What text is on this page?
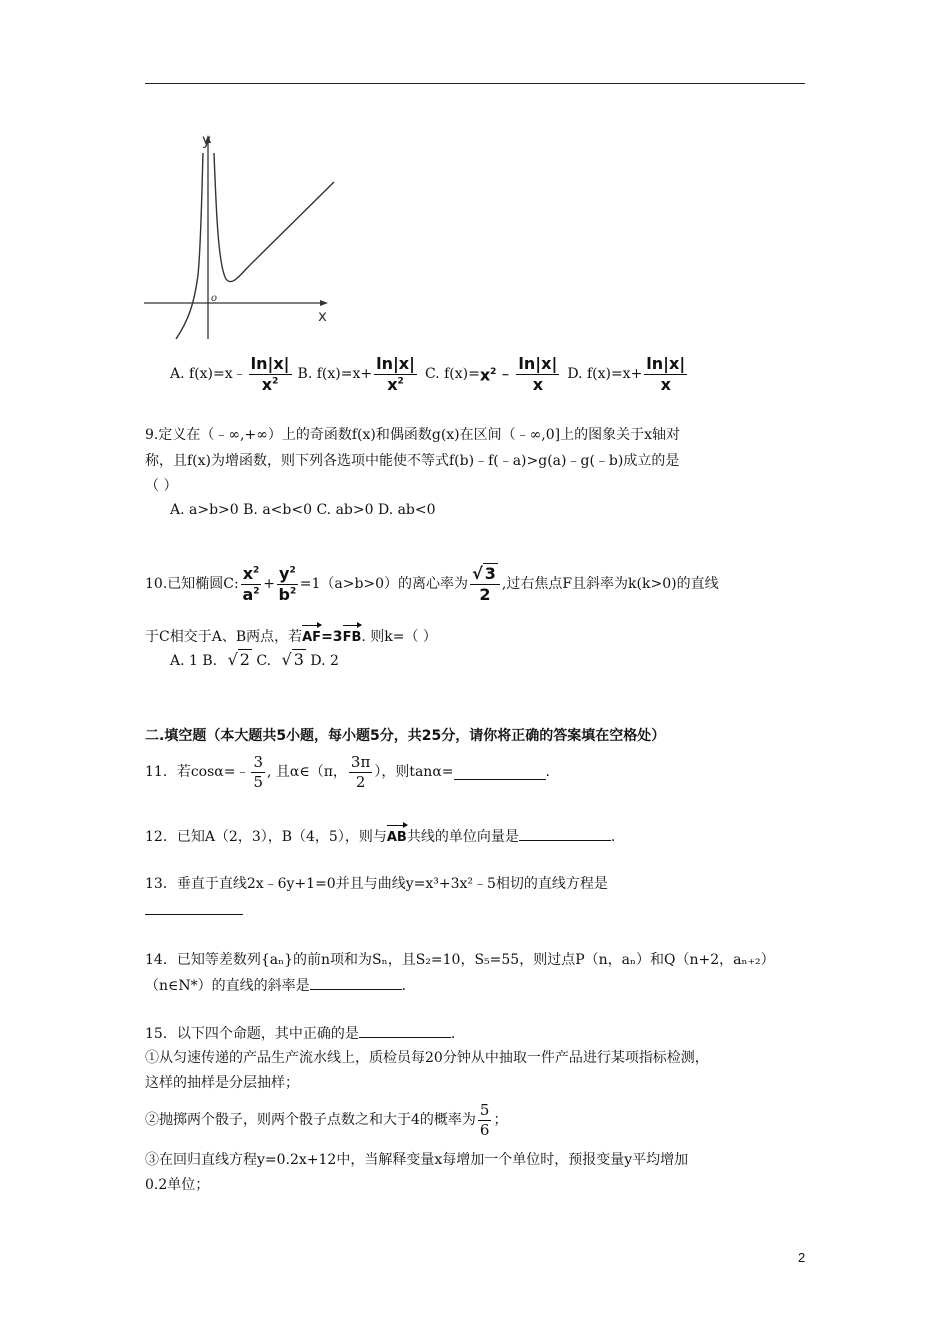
y
x
o
A. f(x)=x﹣ $\frac{\ln|x|}{x^2} B$. $f(x)=x+ \frac{\ln|x|}{x^2} C$. $f(x)= x^2$ ﹣ $\frac{\ln|x|}{x} D$. $f(x)=x+ \frac{\ln|x|}{x}$
9.定义在（﹣∞,+∞）上的奇函数f(x)和偶函数g(x)在区间（﹣∞,0]上的图象关于x轴对
称，且f(x)为增函数，则下列各选项中能使不等式f(b)﹣f(﹣a)>g(a)﹣g(﹣b)成立的是
（ ）
A. a>b>0 B. a<b<0 C. ab>0 D. ab<0
10.已知椭圆C: $\frac{x^2}{a^2} + \frac{y^2}{b^2} =1$ （a>b>0）的离心率为 $\frac{√ 3}{2}$ ,过右焦点F且斜率为k(k>0)的直线
于C相交于A、B两点，若AF=3FB. 则k=（ ）
A. 1 B. √ 2 C. √ 3 D. 2
二.填空题（本大题共5小题，每小题5分，共25分，请你将正确的答案填在空格处）
11．若cosα=﹣ $\frac{3}{5}$ , 且α∈（π， $\frac{3\pi}{2}$ ），则tanα=	.
12．已知A（2，3），B（4，5），则与AB共线的单位向量是	.
13．垂直于直线2x﹣6y+1=0并且与曲线y=x³+3x²﹣5相切的直线方程是
14．已知等差数列{aₙ}的前n项和为Sₙ，且S₂=10，S₅=55，则过点P（n，aₙ）和Q（n+2，aₙ₊₂）
（n∈N*）的直线的斜率是	.
15．以下四个命题，其中正确的是	.
①从匀速传递的产品生产流水线上，质检员每20分钟从中抽取一件产品进行某项指标检测，
这样的抽样是分层抽样；
②抛掷两个骰子，则两个骰子点数之和大于4的概率为 $\frac{5}{6}$ ；
③在回归直线方程y=0.2x+12中，当解释变量x每增加一个单位时，预报变量y平均增加
0.2单位；
2
